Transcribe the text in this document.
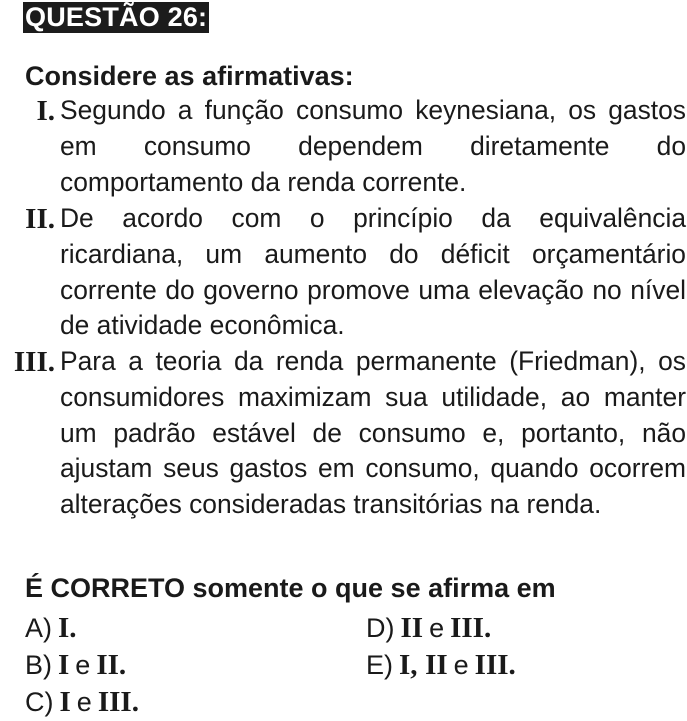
QUESTÃO 26:
Considere as afirmativas:
I. Segundo a função consumo keynesiana, os gastos em consumo dependem diretamente do comportamento da renda corrente.
II. De acordo com o princípio da equivalência ricardiana, um aumento do déficit orçamentário corrente do governo promove uma elevação no nível de atividade econômica.
III. Para a teoria da renda permanente (Friedman), os consumidores maximizam sua utilidade, ao manter um padrão estável de consumo e, portanto, não ajustam seus gastos em consumo, quando ocorrem alterações consideradas transitórias na renda.
É CORRETO somente o que se afirma em
A) I.
B) I e II.
C) I e III.
D) II e III.
E) I, II e III.
